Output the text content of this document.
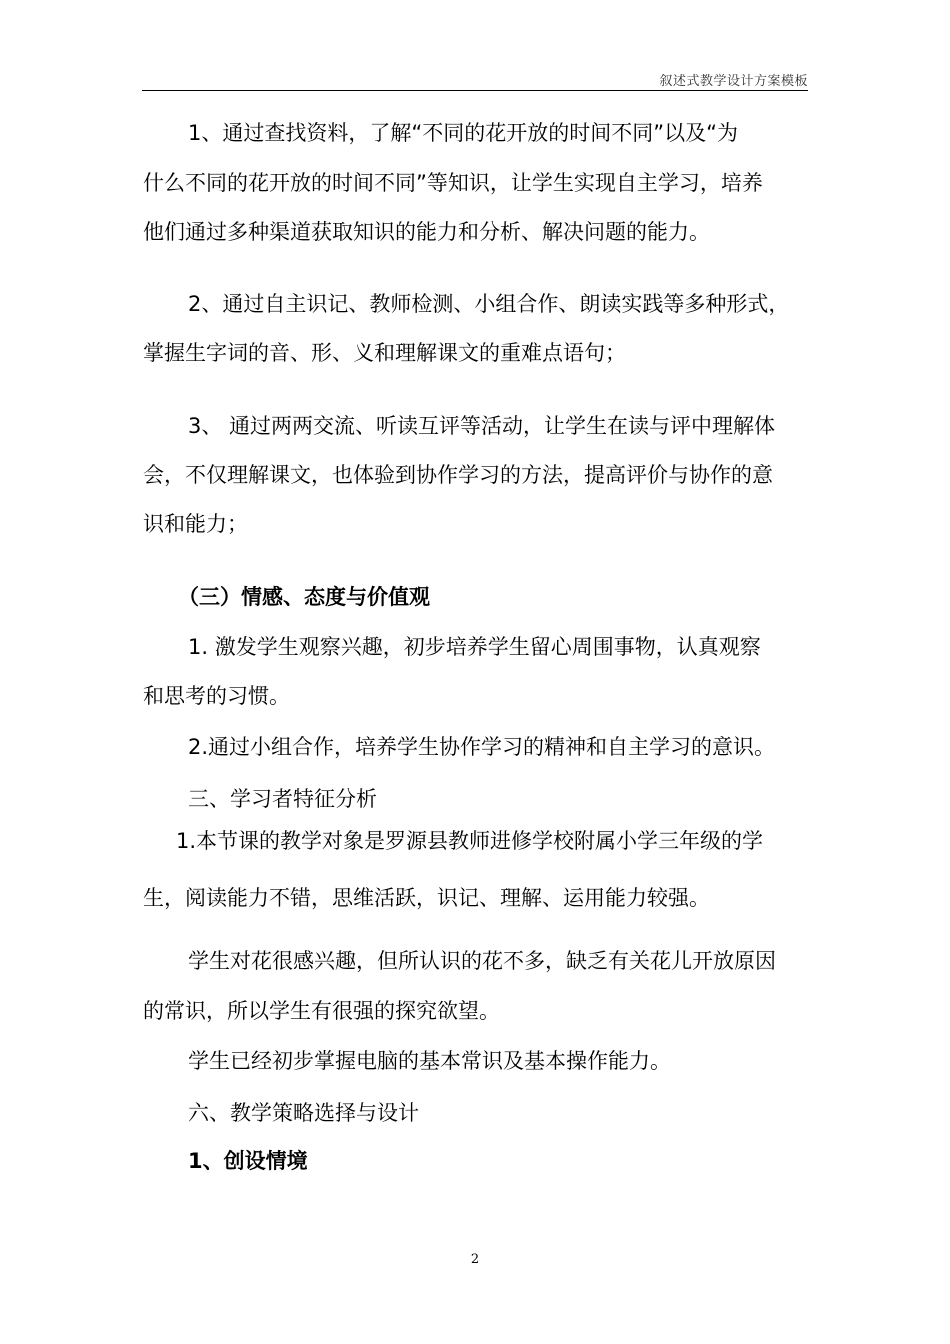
叙述式教学设计方案模板
1、通过查找资料，了解“不同的花开放的时间不同”以及“为
什么不同的花开放的时间不同”等知识，让学生实现自主学习，培养
他们通过多种渠道获取知识的能力和分析、解决问题的能力。
2、通过自主识记、教师检测、小组合作、朗读实践等多种形式，
掌握生字词的音、形、义和理解课文的重难点语句；
3、 通过两两交流、听读互评等活动，让学生在读与评中理解体
会，不仅理解课文，也体验到协作学习的方法，提高评价与协作的意
识和能力；
（三）情感、态度与价值观
1. 激发学生观察兴趣，初步培养学生留心周围事物，认真观察
和思考的习惯。
2.通过小组合作，培养学生协作学习的精神和自主学习的意识。
三、学习者特征分析
1.本节课的教学对象是罗源县教师进修学校附属小学三年级的学
生，阅读能力不错，思维活跃，识记、理解、运用能力较强。
学生对花很感兴趣，但所认识的花不多，缺乏有关花儿开放原因
的常识，所以学生有很强的探究欲望。
学生已经初步掌握电脑的基本常识及基本操作能力。
六、教学策略选择与设计
1、创设情境
2
